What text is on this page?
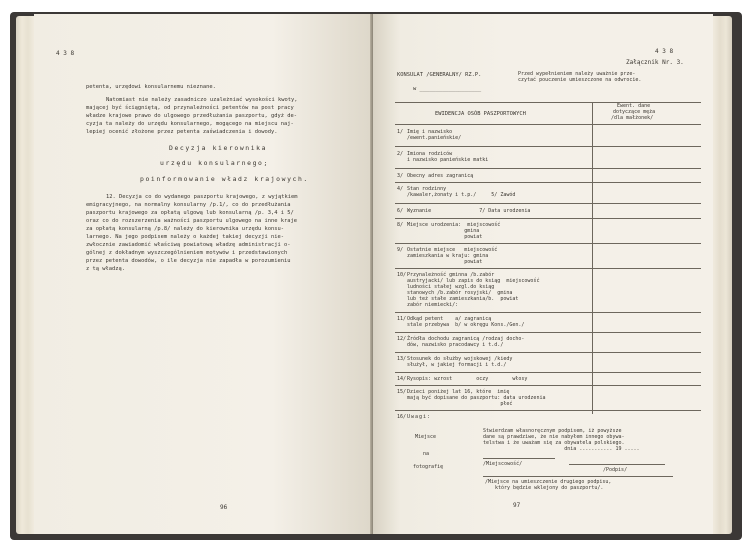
4 3 8
petenta, urzędowi konsularnemu nieznane.
Natomiast nie należy zasadniczo uzależniać wysokości kwoty,
mającej być ściągniętą, od przynależności petentów na post pracy
władze krajowe prawo do ulgowego przedłużania paszportu, gdyż de-
cyzja ta należy do urzędu konsularnego, mogącego na miejscu naj-
lepiej ocenić złożone przez petenta zaświadczenia i dowody.
Decyzja kierownika
urzędu konsularnego;
poinformowanie władz krajowych.
12. Decyzja co do wydanego paszportu krajowego, z wyjątkiem
emigracyjnego, na normalny konsularny /p.1/, co do przedłużania
paszportu krajowego za opłatą ulgową lub konsularną /p. 3,4 i 5/
oraz co do rozszerzenia ważności paszportu ulgowego na inne kraje
za opłatą konsularną /p.8/ należy do kierownika urzędu konsu-
larnego. Na jego podpisem należy o każdej takiej decyzji nie-
zwłocznie zawiadomić właściwą powiatową władzę administracji o-
gólnej z dokładnym wyszczególnieniem motywów i przedstawionych
przez petenta dowodów, o ile decyzja nie zapadła w porozumieniu
z tą władzą.
96
4 3 8
Załącznik Nr. 3.
KONSULAT /GENERALNY/ RZ.P.
w ___________________
Przed wypełnieniem należy uważnie prze-
czytać pouczenie umieszczone na odwrocie.
EWIDENCJA OSÓB PASZPORTOWYCH
Ewent. dane
dotyczące męża
/dla małżonek/
1/ Imię i nazwisko
/ewent.panieńskie/
2/ Imiona rodziców
i nazwisko panieńskie matki
3/ Obecny adres zagranicą
4/ Stan rodzinny
/kawaler,żonaty i t.p./     5/ Zawód
6/ Wyznanie                7/ Data urodzenia
8/ Miejsce urodzenia:  miejscowość
gmina
powiat
9/ Ostatnie miejsce   miejscowość
zamieszkania w kraju: gmina
powiat
10/ Przynależność gminna /b.zabór
austryjacki/ lub zapis do ksiąg  miejscowość
ludności stałej wzgl.do ksiąg
stanowych /b.zabór rosyjski/  gmina
lub też stałe zamieszkania/b.  powiat
zabór niemiecki/:
11/ Odkąd petent    a/ zagranicą
stale przebywa  b/ w okręgu Kons./Gen./
12/ Źródła dochodu zagranicą /rodzaj docho-
dów, nazwisko pracodawcy i t.d./
13/ Stosunek do służby wojskowej /kiedy
służył, w jakiej formacji i t.d./
14/ Rysopis: wzrost        oczy        włosy
15/ Dzieci poniżej lat 16, które  imię
mają być dopisane do paszportu: data urodzenia
płeć
16/ Uwagi:
Stwierdzam własnoręcznym podpisem, iż powyższe
dane są prawdziwe, że nie nabyłem innego obywa-
telstwa i że uważam się za obywatela polskiego.
dnia ........... 19 .....
Miejsce
na
fotografię	/Miejscowość/
/Podpis/
/Miejsce na umieszczenie drugiego podpisu,
który będzie wklejony do paszportu/.
97
